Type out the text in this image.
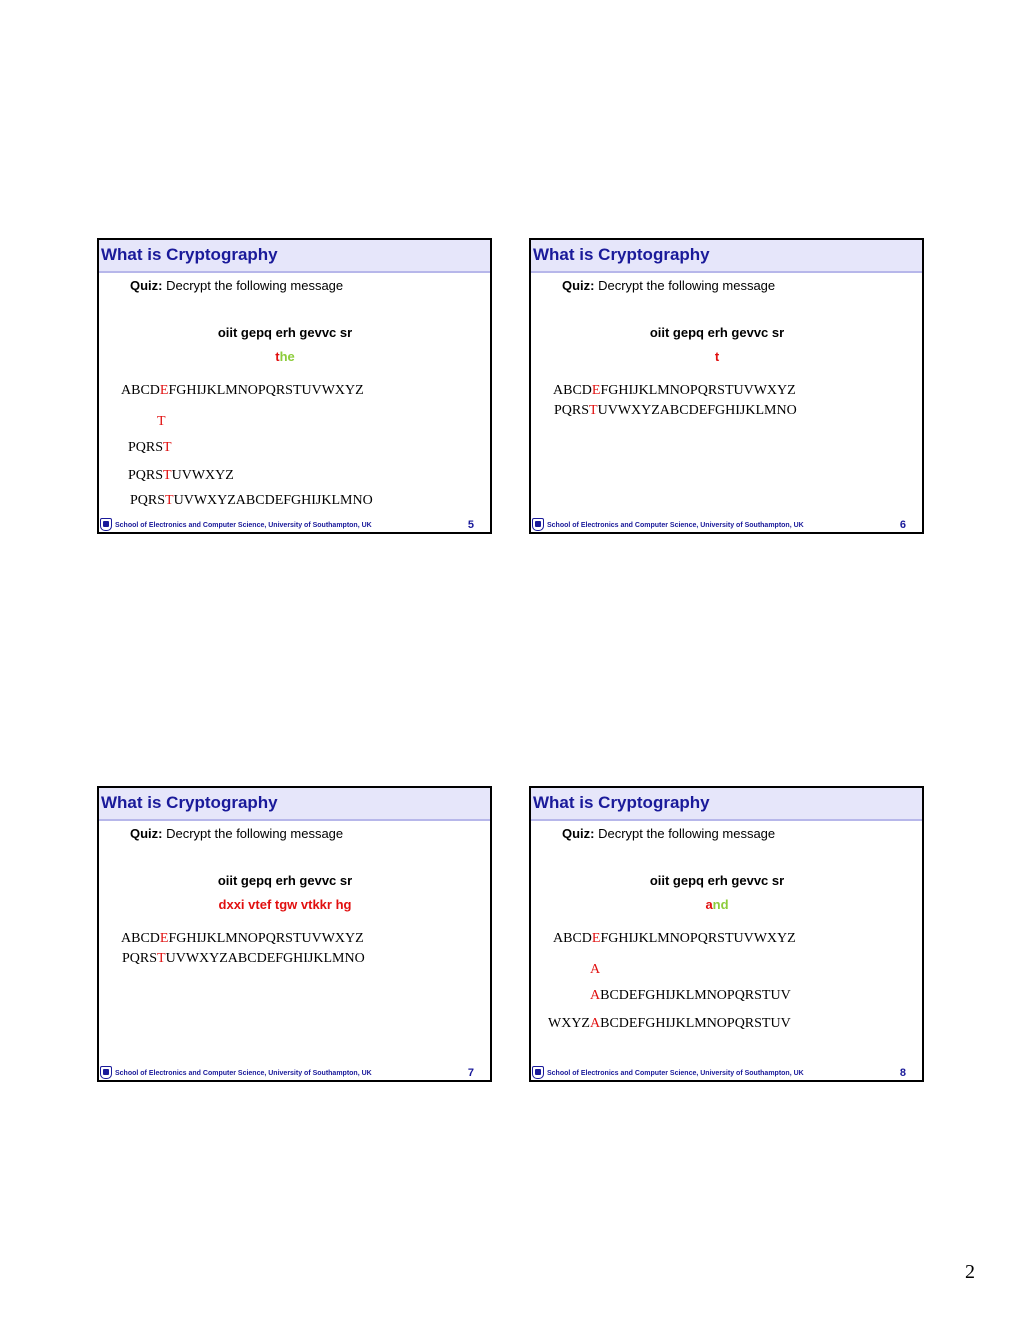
What is Cryptography
Quiz: Decrypt the following message
oiit gepq erh gevvc sr
the
ABCDEFGHIJKLMNOPQRSTUVWXYZ
T
PQRST
PQRSTUVWXYZ
PQRSTUVWXYZABCDEFGHIJKLMNO
School of Electronics and Computer Science, University of Southampton, UK	5
What is Cryptography
Quiz: Decrypt the following message
oiit gepq erh gevvc sr
t
ABCDEFGHIJKLMNOPQRSTUVWXYZ
PQRSTUVWXYZABCDEFGHIJKLMNO
School of Electronics and Computer Science, University of Southampton, UK	6
What is Cryptography
Quiz: Decrypt the following message
oiit gepq erh gevvc sr
dxxi vtef tgw vtkkr hg
ABCDEFGHIJKLMNOPQRSTUVWXYZ
PQRSTUVWXYZABCDEFGHIJKLMNO
School of Electronics and Computer Science, University of Southampton, UK	7
What is Cryptography
Quiz: Decrypt the following message
oiit gepq erh gevvc sr
and
ABCDEFGHIJKLMNOPQRSTUVWXYZ
A
ABCDEFGHIJKLMNOPQRSTUV
WXYZABCDEFGHIJKLMNOPQRSTUV
School of Electronics and Computer Science, University of Southampton, UK	8
2
